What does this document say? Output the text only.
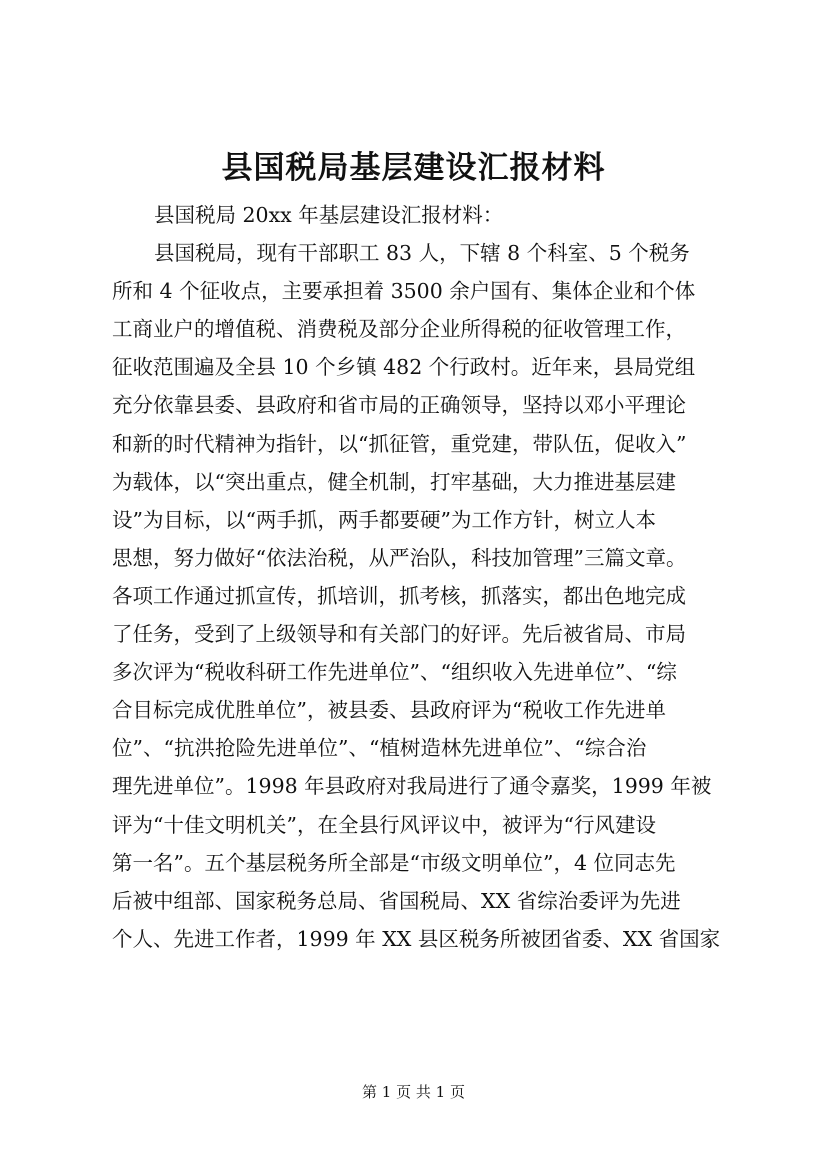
县国税局基层建设汇报材料
县国税局 20xx 年基层建设汇报材料：
县国税局，现有干部职工 83 人，下辖 8 个科室、5 个税务
所和 4 个征收点，主要承担着 3500 余户国有、集体企业和个体
工商业户的增值税、消费税及部分企业所得税的征收管理工作，
征收范围遍及全县 10 个乡镇 482 个行政村。近年来，县局党组
充分依靠县委、县政府和省市局的正确领导，坚持以邓小平理论
和新的时代精神为指针，以“抓征管，重党建，带队伍，促收入”
为载体，以“突出重点，健全机制，打牢基础，大力推进基层建
设”为目标，以“两手抓，两手都要硬”为工作方针，树立人本
思想，努力做好“依法治税，从严治队，科技加管理”三篇文章。
各项工作通过抓宣传，抓培训，抓考核，抓落实，都出色地完成
了任务，受到了上级领导和有关部门的好评。先后被省局、市局
多次评为“税收科研工作先进单位”、“组织收入先进单位”、“综
合目标完成优胜单位”，被县委、县政府评为“税收工作先进单
位”、“抗洪抢险先进单位”、“植树造林先进单位”、“综合治
理先进单位”。1998 年县政府对我局进行了通令嘉奖，1999 年被
评为“十佳文明机关”，在全县行风评议中，被评为“行风建设
第一名”。五个基层税务所全部是“市级文明单位”，4 位同志先
后被中组部、国家税务总局、省国税局、XX 省综治委评为先进
个人、先进工作者，1999 年 XX 县区税务所被团省委、XX 省国家
第 1 页 共 1 页
